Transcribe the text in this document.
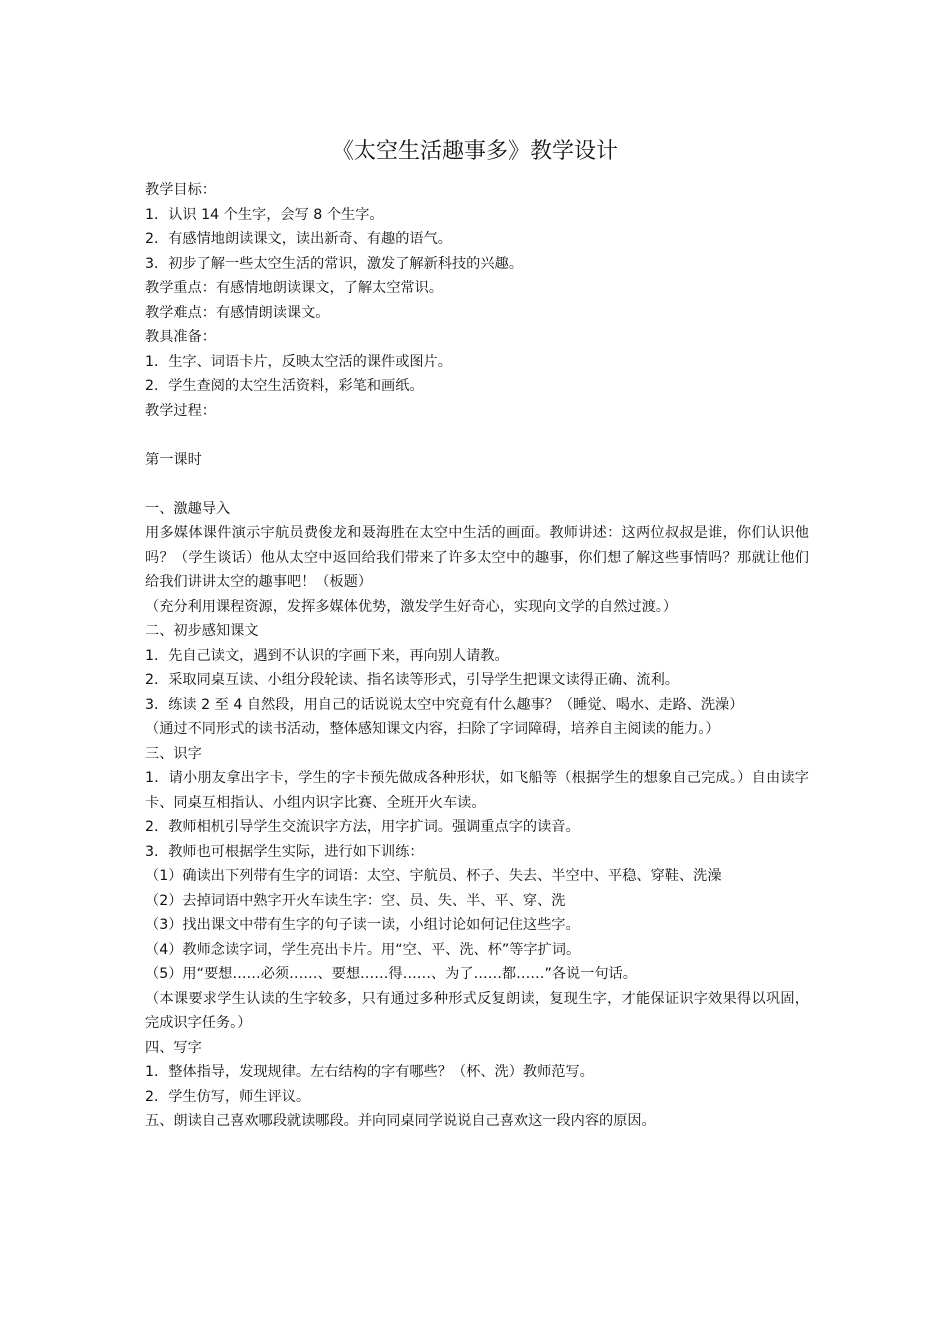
《太空生活趣事多》教学设计
教学目标：
1．认识 14 个生字，会写 8 个生字。
2．有感情地朗读课文，读出新奇、有趣的语气。
3．初步了解一些太空生活的常识，激发了解新科技的兴趣。
教学重点：有感情地朗读课文，了解太空常识。
教学难点：有感情朗读课文。
教具准备：
1．生字、词语卡片，反映太空活的课件或图片。
2．学生查阅的太空生活资料，彩笔和画纸。
教学过程：
第一课时
一、激趣导入
用多媒体课件演示宇航员费俊龙和聂海胜在太空中生活的画面。教师讲述：这两位叔叔是谁，你们认识他吗？（学生谈话）他从太空中返回给我们带来了许多太空中的趣事，你们想了解这些事情吗？那就让他们给我们讲讲太空的趣事吧！（板题）
（充分利用课程资源，发挥多媒体优势，激发学生好奇心，实现向文学的自然过渡。）
二、初步感知课文
1．先自己读文，遇到不认识的字画下来，再向别人请教。
2．采取同桌互读、小组分段轮读、指名读等形式，引导学生把课文读得正确、流利。
3．练读 2 至 4 自然段，用自己的话说说太空中究竟有什么趣事？（睡觉、喝水、走路、洗澡）
（通过不同形式的读书活动，整体感知课文内容，扫除了字词障碍，培养自主阅读的能力。）
三、识字
1．请小朋友拿出字卡，学生的字卡预先做成各种形状，如飞船等（根据学生的想象自己完成。）自由读字卡、同桌互相指认、小组内识字比赛、全班开火车读。
2．教师相机引导学生交流识字方法，用字扩词。强调重点字的读音。
3．教师也可根据学生实际，进行如下训练：
（1）确读出下列带有生字的词语：太空、宇航员、杯子、失去、半空中、平稳、穿鞋、洗澡
（2）去掉词语中熟字开火车读生字：空、员、失、半、平、穿、洗
（3）找出课文中带有生字的句子读一读，小组讨论如何记住这些字。
（4）教师念读字词，学生亮出卡片。用“空、平、洗、杯”等字扩词。
（5）用“要想……必须……、要想……得……、为了……都……”各说一句话。
（本课要求学生认读的生字较多，只有通过多种形式反复朗读，复现生字，才能保证识字效果得以巩固，完成识字任务。）
四、写字
1．整体指导，发现规律。左右结构的字有哪些？（杯、洗）教师范写。
2．学生仿写，师生评议。
五、朗读自己喜欢哪段就读哪段。并向同桌同学说说自己喜欢这一段内容的原因。
